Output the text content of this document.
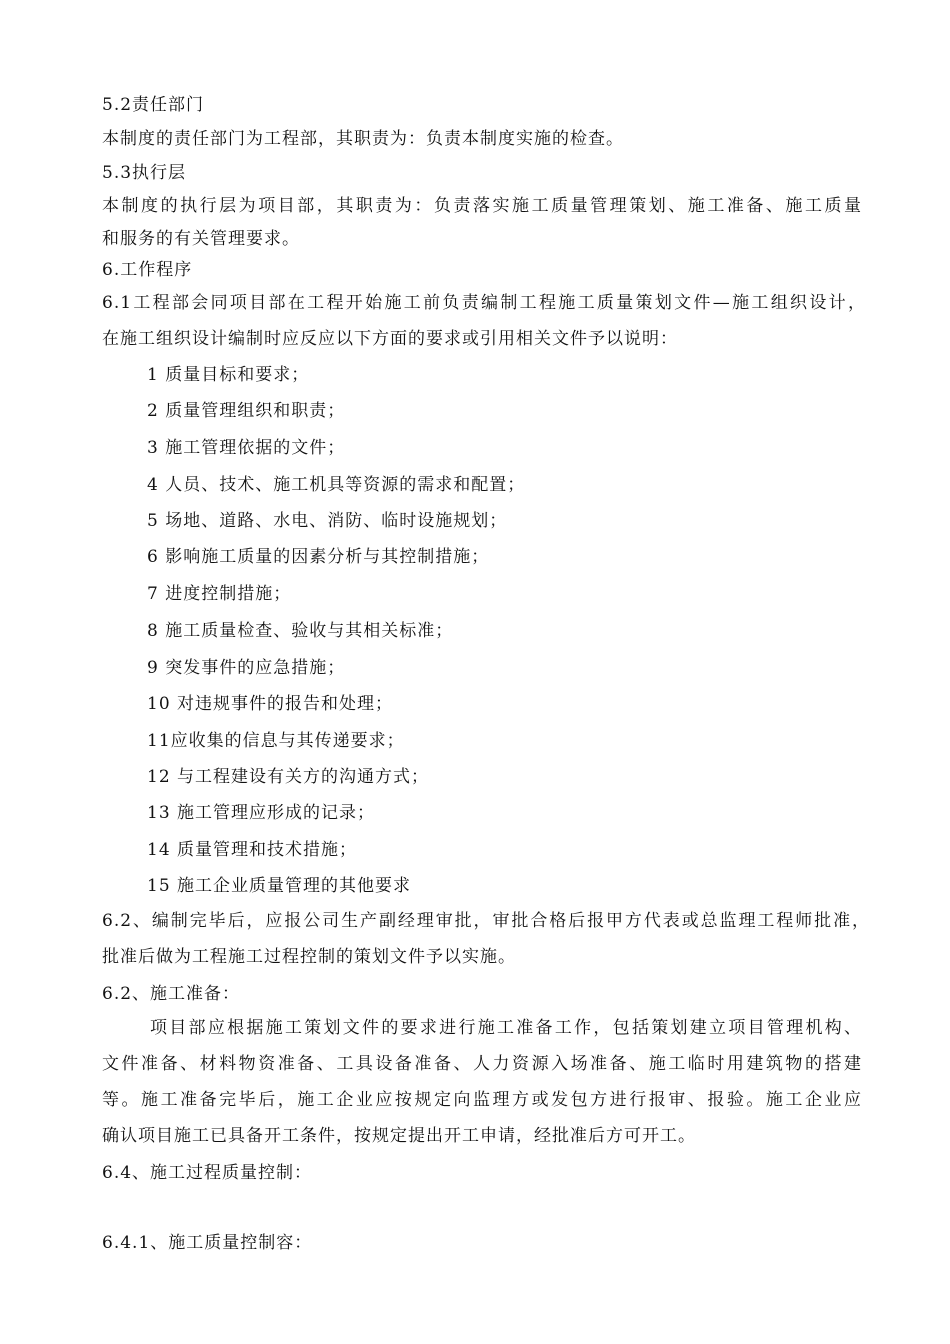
5.2责任部门
本制度的责任部门为工程部，其职责为：负责本制度实施的检查。
5.3执行层
本制度的执行层为项目部，其职责为：负责落实施工质量管理策划、施工准备、施工质量
和服务的有关管理要求。
6.工作程序
6.1工程部会同项目部在工程开始施工前负责编制工程施工质量策划文件—施工组织设计，
在施工组织设计编制时应反应以下方面的要求或引用相关文件予以说明：
1 质量目标和要求；
2 质量管理组织和职责；
3 施工管理依据的文件；
4 人员、技术、施工机具等资源的需求和配置；
5 场地、道路、水电、消防、临时设施规划；
6 影响施工质量的因素分析与其控制措施；
7 进度控制措施；
8 施工质量检查、验收与其相关标准；
9 突发事件的应急措施；
10 对违规事件的报告和处理；
11应收集的信息与其传递要求；
12 与工程建设有关方的沟通方式；
13 施工管理应形成的记录；
14 质量管理和技术措施；
15 施工企业质量管理的其他要求
6.2、编制完毕后，应报公司生产副经理审批，审批合格后报甲方代表或总监理工程师批准，
批准后做为工程施工过程控制的策划文件予以实施。
6.2、施工准备：
项目部应根据施工策划文件的要求进行施工准备工作，包括策划建立项目管理机构、
文件准备、材料物资准备、工具设备准备、人力资源入场准备、施工临时用建筑物的搭建
等。施工准备完毕后，施工企业应按规定向监理方或发包方进行报审、报验。施工企业应
确认项目施工已具备开工条件，按规定提出开工申请，经批准后方可开工。
6.4、施工过程质量控制：
6.4.1、施工质量控制容：
